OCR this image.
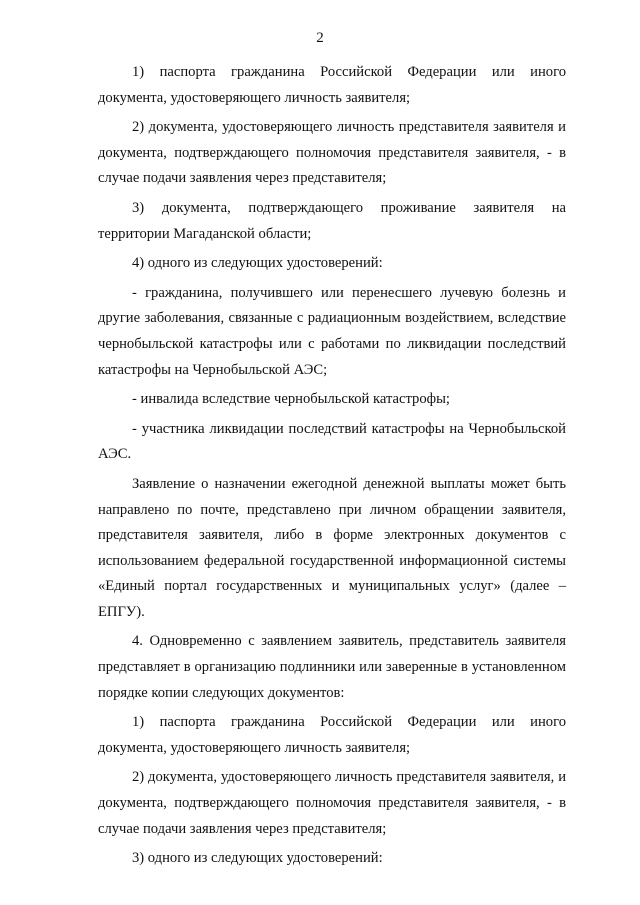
2

1) паспорта гражданина Российской Федерации или иного документа, удостоверяющего личность заявителя;

2) документа, удостоверяющего личность представителя заявителя и документа, подтверждающего полномочия представителя заявителя, - в случае подачи заявления через представителя;

3) документа, подтверждающего проживание заявителя на территории Магаданской области;

4) одного из следующих удостоверений:

- гражданина, получившего или перенесшего лучевую болезнь и другие заболевания, связанные с радиационным воздействием, вследствие чернобыльской катастрофы или с работами по ликвидации последствий катастрофы на Чернобыльской АЭС;

- инвалида вследствие чернобыльской катастрофы;

- участника ликвидации последствий катастрофы на Чернобыльской АЭС.

Заявление о назначении ежегодной денежной выплаты может быть направлено по почте, представлено при личном обращении заявителя, представителя заявителя, либо в форме электронных документов с использованием федеральной государственной информационной системы «Единый портал государственных и муниципальных услуг» (далее – ЕПГУ).

4. Одновременно с заявлением заявитель, представитель заявителя представляет в организацию подлинники или заверенные в установленном порядке копии следующих документов:

1) паспорта гражданина Российской Федерации или иного документа, удостоверяющего личность заявителя;

2) документа, удостоверяющего личность представителя заявителя, и документа, подтверждающего полномочия представителя заявителя, - в случае подачи заявления через представителя;

3) одного из следующих удостоверений:
